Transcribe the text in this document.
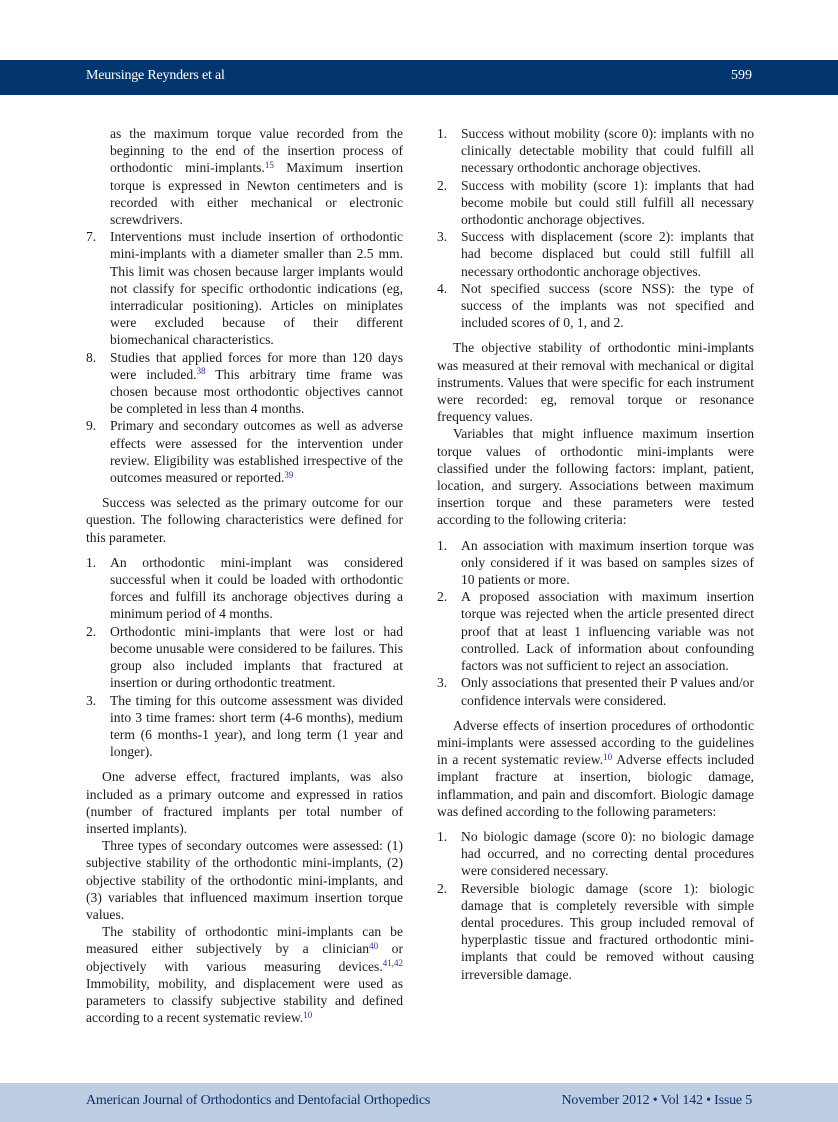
Meursinge Reynders et al	599
as the maximum torque value recorded from the beginning to the end of the insertion process of orthodontic mini-implants.$^{15}$ Maximum insertion torque is expressed in Newton centimeters and is recorded with either mechanical or electronic screwdrivers.
7.	Interventions must include insertion of orthodontic mini-implants with a diameter smaller than 2.5 mm. This limit was chosen because larger implants would not classify for specific orthodontic indications (eg, interradicular positioning). Articles on miniplates were excluded because of their different biomechanical characteristics.
8.	Studies that applied forces for more than 120 days were included.$^{38}$ This arbitrary time frame was chosen because most orthodontic objectives cannot be completed in less than 4 months.
9.	Primary and secondary outcomes as well as adverse effects were assessed for the intervention under review. Eligibility was established irrespective of the outcomes measured or reported.$^{39}$

Success was selected as the primary outcome for our question. The following characteristics were defined for this parameter.

1.	An orthodontic mini-implant was considered successful when it could be loaded with orthodontic forces and fulfill its anchorage objectives during a minimum period of 4 months.
2.	Orthodontic mini-implants that were lost or had become unusable were considered to be failures. This group also included implants that fractured at insertion or during orthodontic treatment.
3.	The timing for this outcome assessment was divided into 3 time frames: short term (4-6 months), medium term (6 months-1 year), and long term (1 year and longer).

One adverse effect, fractured implants, was also included as a primary outcome and expressed in ratios (number of fractured implants per total number of inserted implants).

Three types of secondary outcomes were assessed: (1) subjective stability of the orthodontic mini-implants, (2) objective stability of the orthodontic mini-implants, and (3) variables that influenced maximum insertion torque values.

The stability of orthodontic mini-implants can be measured either subjectively by a clinician$^{40}$ or objectively with various measuring devices.$^{41,42}$ Immobility, mobility, and displacement were used as parameters to classify subjective stability and defined according to a recent systematic review.$^{10}$

1.	Success without mobility (score 0): implants with no clinically detectable mobility that could fulfill all necessary orthodontic anchorage objectives.
2.	Success with mobility (score 1): implants that had become mobile but could still fulfill all necessary orthodontic anchorage objectives.
3.	Success with displacement (score 2): implants that had become displaced but could still fulfill all necessary orthodontic anchorage objectives.
4.	Not specified success (score NSS): the type of success of the implants was not specified and included scores of 0, 1, and 2.

The objective stability of orthodontic mini-implants was measured at their removal with mechanical or digital instruments. Values that were specific for each instrument were recorded: eg, removal torque or resonance frequency values.

Variables that might influence maximum insertion torque values of orthodontic mini-implants were classified under the following factors: implant, patient, location, and surgery. Associations between maximum insertion torque and these parameters were tested according to the following criteria:

1.	An association with maximum insertion torque was only considered if it was based on samples sizes of 10 patients or more.
2.	A proposed association with maximum insertion torque was rejected when the article presented direct proof that at least 1 influencing variable was not controlled. Lack of information about confounding factors was not sufficient to reject an association.
3.	Only associations that presented their P values and/or confidence intervals were considered.

Adverse effects of insertion procedures of orthodontic mini-implants were assessed according to the guidelines in a recent systematic review.$^{10}$ Adverse effects included implant fracture at insertion, biologic damage, inflammation, and pain and discomfort. Biologic damage was defined according to the following parameters:

1.	No biologic damage (score 0): no biologic damage had occurred, and no correcting dental procedures were considered necessary.
2.	Reversible biologic damage (score 1): biologic damage that is completely reversible with simple dental procedures. This group included removal of hyperplastic tissue and fractured orthodontic mini-implants that could be removed without causing irreversible damage.
American Journal of Orthodontics and Dentofacial Orthopedics	November 2012 • Vol 142 • Issue 5
